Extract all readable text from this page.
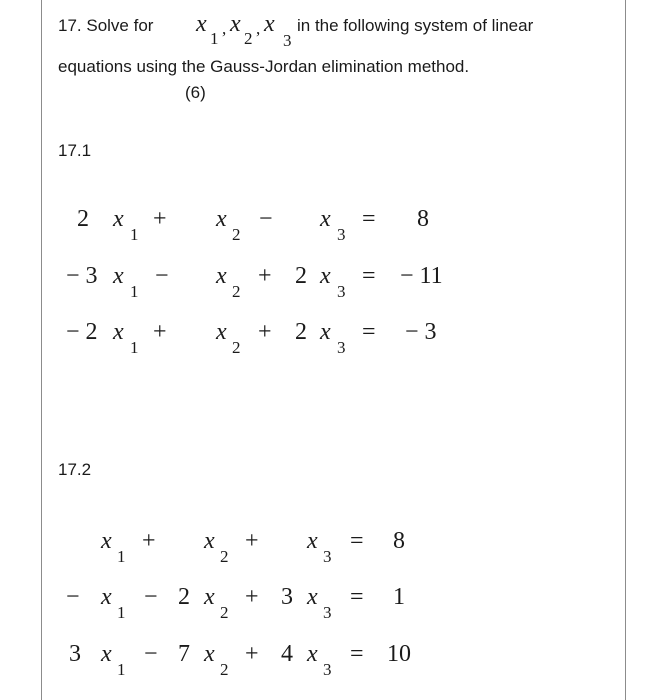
17. Solve for x
1
, x
2
, x
3
in the following system of linear
equations using the Gauss-Jordan elimination method.
(6)
17.1
2 x
1
+ x
2
− x
3
= 8
− 3 x
1
− x
2
+ 2 x
3
= − 11
− 2 x
1
+ x
2
+ 2 x
3
= − 3
17.2
x
1
+ x
2
+ x
3
= 8
− x
1
− 2 x
2
+ 3 x
3
= 1
3 x
1
− 7 x
2
+ 4 x
3
= 10
